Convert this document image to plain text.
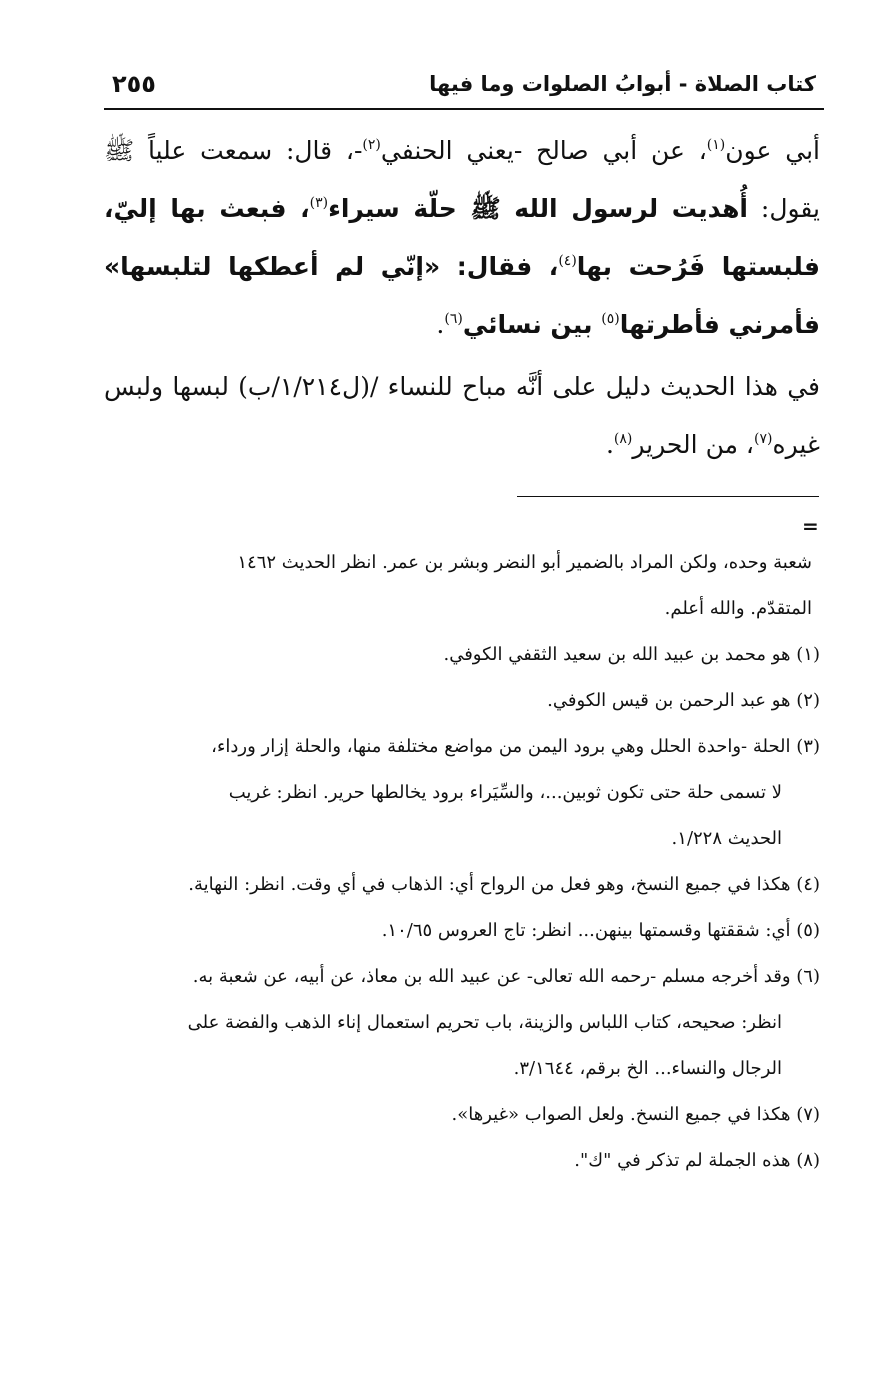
كتاب الصلاة - أبوابُ الصلوات وما فيها
٢٥٥

أبي عون$^{(١)}$، عن أبي صالح -يعني الحنفي$^{(٢)}$-، قال: سمعت علياً ﷺ يقول: أُهديت لرسول الله ﷺ حلّة سيراء$^{(٣)}$، فبعث بها إليّ، فلبستها فَرُحت بها$^{(٤)}$، فقال: «إنّي لم أعطكها لتلبسها» فأمرني فأطرتها$^{(٥)}$ بين نسائي$^{(٦)}$.

في هذا الحديث دليل على أنَّه مباح للنساء /(ل١/٢١٤/ب) لبسها ولبس غيره$^{(٧)}$، من الحرير$^{(٨)}$.

=

شعبة وحده، ولكن المراد بالضمير أبو النضر وبشر بن عمر. انظر الحديث ١٤٦٢

المتقدّم. والله أعلم.

(١) هو محمد بن عبيد الله بن سعيد الثقفي الكوفي.

(٢) هو عبد الرحمن بن قيس الكوفي.

(٣) الحلة -واحدة الحلل وهي برود اليمن من مواضع مختلفة منها، والحلة إزار ورداء،

لا تسمى حلة حتى تكون ثوبين...، والسِّيَراء برود يخالطها حرير. انظر: غريب

الحديث ١/٢٢٨.

(٤) هكذا في جميع النسخ، وهو فعل من الرواح أي: الذهاب في أي وقت. انظر: النهاية.

(٥) أي: شققتها وقسمتها بينهن... انظر: تاج العروس ١٠/٦٥.

(٦) وقد أخرجه مسلم -رحمه الله تعالى- عن عبيد الله بن معاذ، عن أبيه، عن شعبة به.

انظر: صحيحه، كتاب اللباس والزينة، باب تحريم استعمال إناء الذهب والفضة على

الرجال والنساء... الخ برقم، ٣/١٦٤٤.

(٧) هكذا في جميع النسخ. ولعل الصواب «غيرها».

(٨) هذه الجملة لم تذكر في "ك".
